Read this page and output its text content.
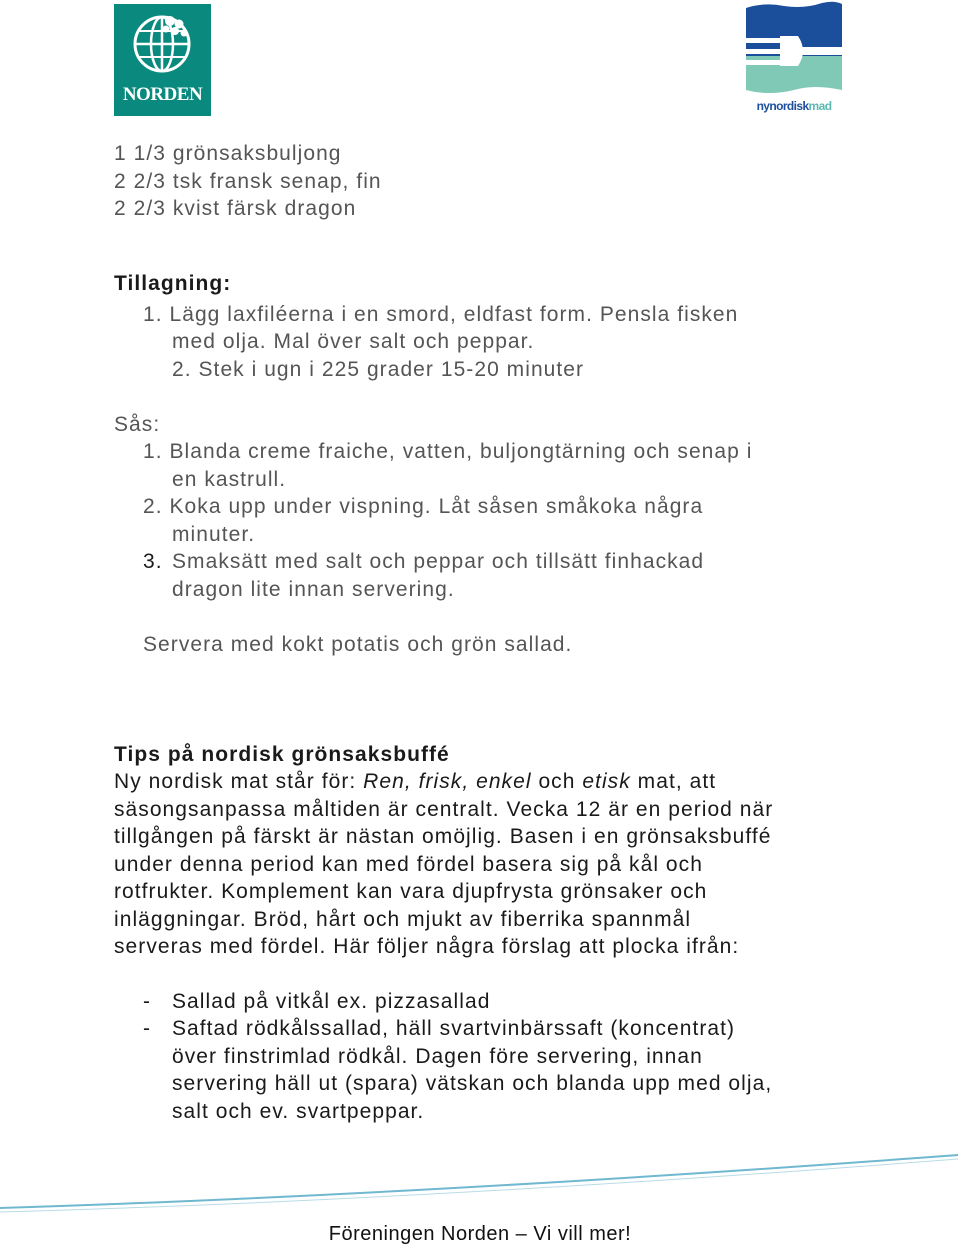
NORDEN
nynordiskmad
1 1/3 grönsaksbuljong
2 2/3 tsk fransk senap, fin
2 2/3 kvist färsk dragon
Tillagning:
1. Lägg laxfiléerna i en smord, eldfast form. Pensla fisken
med olja. Mal över salt och peppar.
2. Stek i ugn i 225 grader 15-20 minuter
Sås:
1. Blanda creme fraiche, vatten, buljongtärning och senap i
en kastrull.
2. Koka upp under vispning. Låt såsen småkoka några
minuter.
3. Smaksätt med salt och peppar och tillsätt finhackad
dragon lite innan servering.
Servera med kokt potatis och grön sallad.
Tips på nordisk grönsaksbuffé
Ny nordisk mat står för: Ren, frisk, enkel och etisk mat, att
säsongsanpassa måltiden är centralt. Vecka 12 är en period när
tillgången på färskt är nästan omöjlig. Basen i en grönsaksbuffé
under denna period kan med fördel basera sig på kål och
rotfrukter. Komplement kan vara djupfrysta grönsaker och
inläggningar. Bröd, hårt och mjukt av fiberrika spannmål
serveras med fördel. Här följer några förslag att plocka ifrån:
- Sallad på vitkål ex. pizzasallad
- Saftad rödkålssallad, häll svartvinbärssaft (koncentrat)
över finstrimlad rödkål. Dagen före servering, innan
servering häll ut (spara) vätskan och blanda upp med olja,
salt och ev. svartpeppar.
Föreningen Norden – Vi vill mer!
